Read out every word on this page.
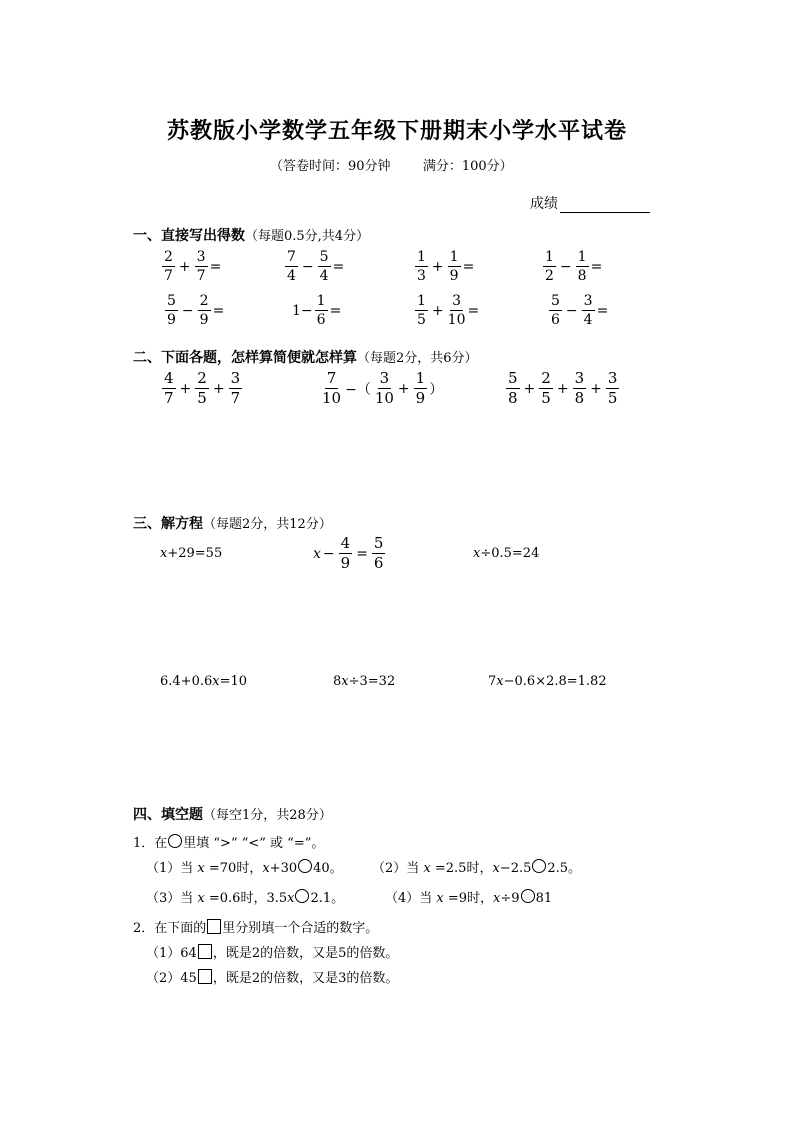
苏教版小学数学五年级下册期末小学水平试卷
（答卷时间：90分钟 满分：100分）
成绩
一、直接写出得数（每题0.5分,共4分）
$\frac{2}{7} + \frac{3}{7}$ =	$\frac{7}{4} - \frac{5}{4}$ =	$\frac{1}{3} + \frac{1}{9}$ =	$\frac{1}{2} - \frac{1}{8}$ =
$\frac{5}{9} - \frac{2}{9}$ =	$1- \frac{1}{6}$ =	$\frac{1}{5} + \frac{3}{10}$ =	$\frac{5}{6} - \frac{3}{4}$ =
二、下面各题，怎样算简便就怎样算（每题2分，共6分）
$\frac{4}{7} + \frac{2}{5} + \frac{3}{7}$	$\frac{7}{10}$ −（ $\frac{3}{10} + \frac{1}{9}$ ）	$\frac{5}{8} + \frac{2}{5} + \frac{3}{8} + \frac{3}{5}$
三、解方程（每题2分，共12分）
x+29=55	$x - \frac{4}{9} = \frac{5}{6}$	x÷0.5=24
6.4+0.6x=10	8x÷3=32	7x−0.6×2.8=1.82
四、填空题（每空1分，共28分）
1．在 里填 “>” “<” 或 “=”。
（1）当 x =70时，x+30 40。 （2）当 x =2.5时，x−2.5 2.5。
（3）当 x =0.6时，3.5x 2.1。	（4）当 x =9时，x÷9 81
2．在下面的 里分别填一个合适的数字。
（1）64 ，既是2的倍数，又是5的倍数。
（2）45 ，既是2的倍数，又是3的倍数。
